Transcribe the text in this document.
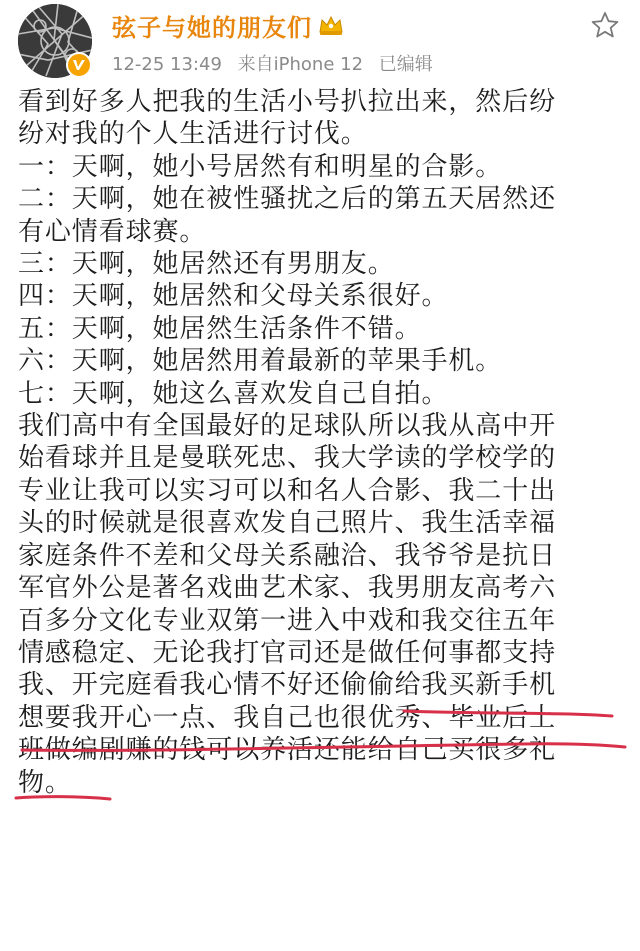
弦子与她的朋友们
12-25 13:49 来自iPhone 12 已编辑

看到好多人把我的生活小号扒拉出来，然后纷

纷对我的个人生活进行讨伐。

一：天啊，她小号居然有和明星的合影。

二：天啊，她在被性骚扰之后的第五天居然还

有心情看球赛。

三：天啊，她居然还有男朋友。

四：天啊，她居然和父母关系很好。

五：天啊，她居然生活条件不错。

六：天啊，她居然用着最新的苹果手机。

七：天啊，她这么喜欢发自己自拍。

我们高中有全国最好的足球队所以我从高中开

始看球并且是曼联死忠、我大学读的学校学的

专业让我可以实习可以和名人合影、我二十出

头的时候就是很喜欢发自己照片、我生活幸福

家庭条件不差和父母关系融洽、我爷爷是抗日

军官外公是著名戏曲艺术家、我男朋友高考六

百多分文化专业双第一进入中戏和我交往五年

情感稳定、无论我打官司还是做任何事都支持

我、开完庭看我心情不好还偷偷给我买新手机

想要我开心一点、我自己也很优秀、毕业后上

班做编剧赚的钱可以养活还能给自己买很多礼

物。
